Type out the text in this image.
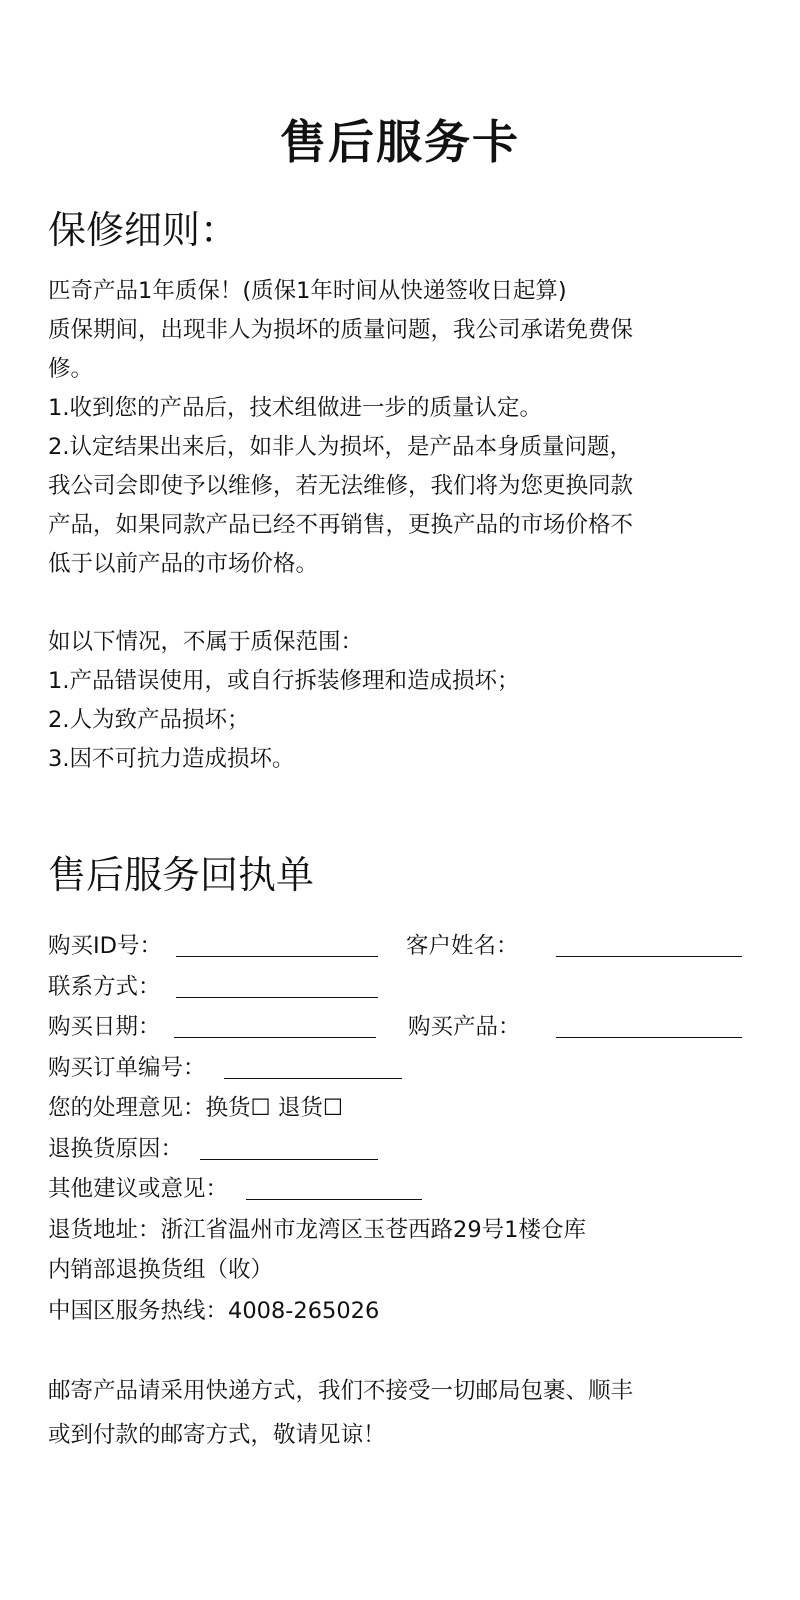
售后服务卡
保修细则：

匹奇产品1年质保！(质保1年时间从快递签收日起算)

质保期间，出现非人为损坏的质量问题，我公司承诺免费保

修。

1.收到您的产品后，技术组做进一步的质量认定。

2.认定结果出来后，如非人为损坏，是产品本身质量问题，

我公司会即使予以维修，若无法维修，我们将为您更换同款

产品，如果同款产品已经不再销售，更换产品的市场价格不

低于以前产品的市场价格。

如以下情况，不属于质保范围：

1.产品错误使用，或自行拆装修理和造成损坏；

2.人为致产品损坏；

3.因不可抗力造成损坏。

售后服务回执单
购买ID号：	客户姓名：
联系方式：
购买日期：	购买产品：
购买订单编号：
您的处理意见：换货☐ 退货☐
退换货原因：
其他建议或意见：
退货地址：浙江省温州市龙湾区玉苍西路29号1楼仓库
内销部退换货组（收）
中国区服务热线：4008-265026

邮寄产品请采用快递方式，我们不接受一切邮局包裹、顺丰

或到付款的邮寄方式，敬请见谅！
